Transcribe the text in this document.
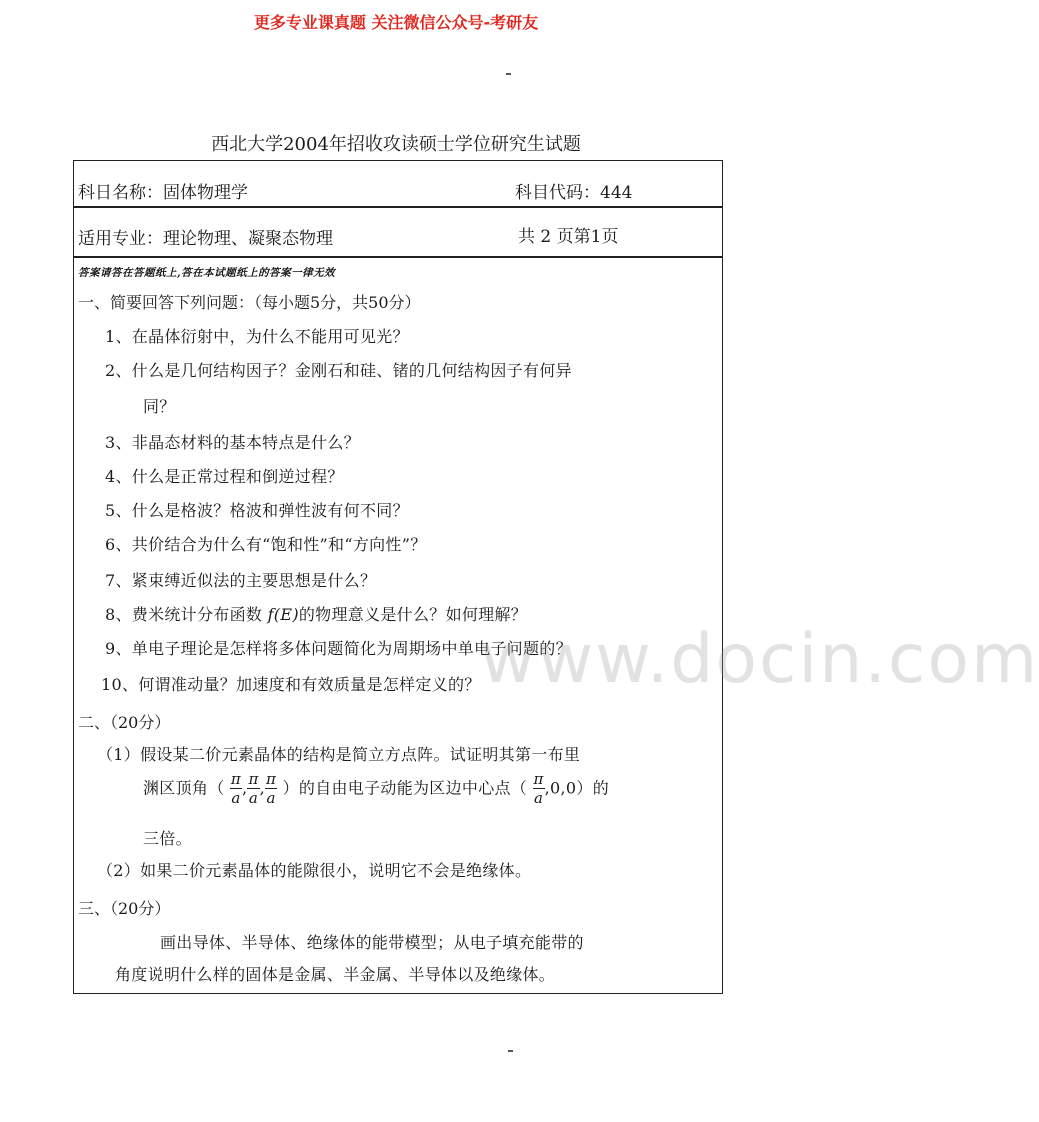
更多专业课真题 关注微信公众号-考研友
西北大学2004年招收攻读硕士学位研究生试题
科日名称：固体物理学	科目代码：444
适用专业：理论物理、凝聚态物理	共 2 页第1页
答案请答在答题纸上,答在本试题纸上的答案一律无效
一、简要回答下列问题：（每小题5分，共50分）
1、在晶体衍射中，为什么不能用可见光？
2、什么是几何结构因子？金刚石和硅、锗的几何结构因子有何异
同？
3、非晶态材料的基本特点是什么？
4、什么是正常过程和倒逆过程？
5、什么是格波？格波和弹性波有何不同？
6、共价结合为什么有“饱和性”和“方向性”？
7、紧束缚近似法的主要思想是什么？
8、费米统计分布函数 f(E)的物理意义是什么？如何理解？
9、单电子理论是怎样将多体问题简化为周期场中单电子问题的？
10、何谓准动量？加速度和有效质量是怎样定义的？
二、（20分）
（1）假设某二价元素晶体的结构是简立方点阵。试证明其第一布里
渊区顶角（ $\frac{\pi}{a}$ , $\frac{\pi}{a}$ , $\frac{\pi}{a}$ ）的自由电子动能为区边中心点（ $\frac{\pi}{a} ,0,0$）的
三倍。
（2）如果二价元素晶体的能隙很小，说明它不会是绝缘体。
三、（20分）
画出导体、半导体、绝缘体的能带模型；从电子填充能带的
角度说明什么样的固体是金属、半金属、半导体以及绝缘体。
www.docin.com
